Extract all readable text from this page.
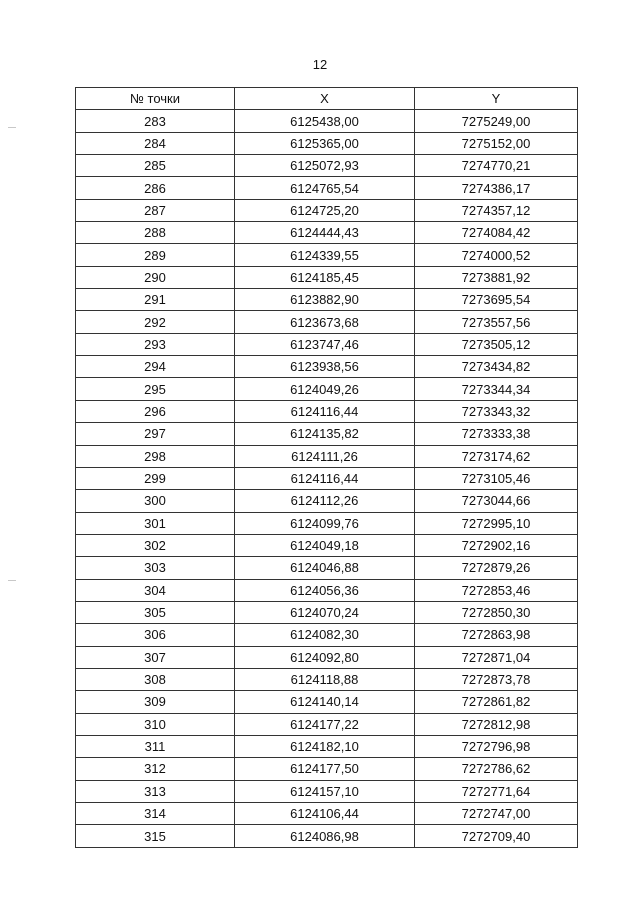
12
№ точки	X	Y
283	6125438,00	7275249,00
284	6125365,00	7275152,00
285	6125072,93	7274770,21
286	6124765,54	7274386,17
287	6124725,20	7274357,12
288	6124444,43	7274084,42
289	6124339,55	7274000,52
290	6124185,45	7273881,92
291	6123882,90	7273695,54
292	6123673,68	7273557,56
293	6123747,46	7273505,12
294	6123938,56	7273434,82
295	6124049,26	7273344,34
296	6124116,44	7273343,32
297	6124135,82	7273333,38
298	6124111,26	7273174,62
299	6124116,44	7273105,46
300	6124112,26	7273044,66
301	6124099,76	7272995,10
302	6124049,18	7272902,16
303	6124046,88	7272879,26
304	6124056,36	7272853,46
305	6124070,24	7272850,30
306	6124082,30	7272863,98
307	6124092,80	7272871,04
308	6124118,88	7272873,78
309	6124140,14	7272861,82
310	6124177,22	7272812,98
311	6124182,10	7272796,98
312	6124177,50	7272786,62
313	6124157,10	7272771,64
314	6124106,44	7272747,00
315	6124086,98	7272709,40
